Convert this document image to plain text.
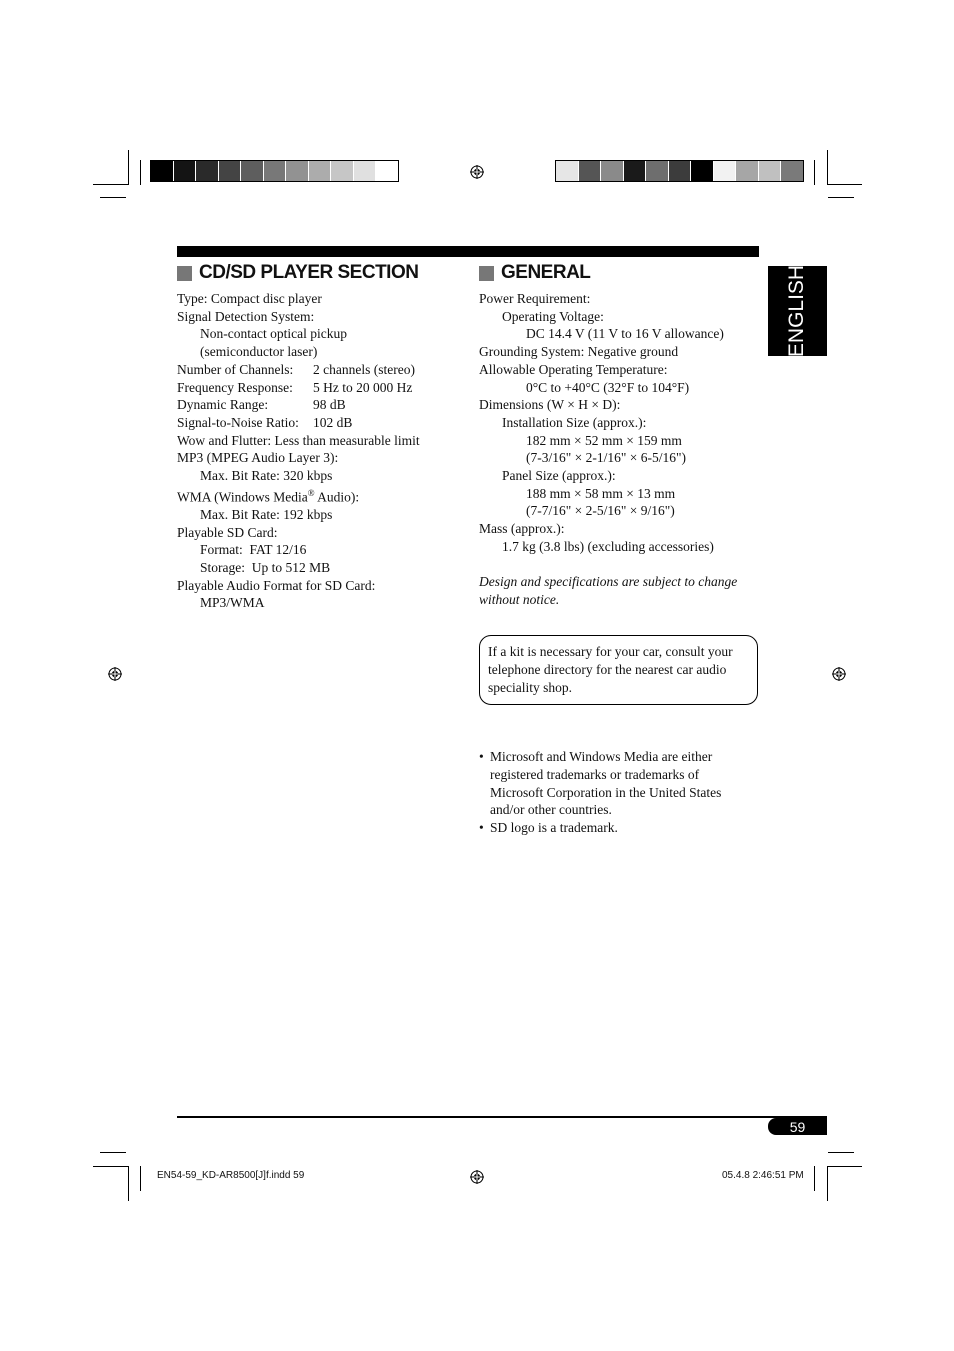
ENGLISH
CD/SD PLAYER SECTION
Type: Compact disc player
Signal Detection System:
Non-contact optical pickup
(semiconductor laser)
Number of Channels: 2 channels (stereo)
Frequency Response: 5 Hz to 20 000 Hz
Dynamic Range:	98 dB
Signal-to-Noise Ratio: 102 dB
Wow and Flutter: Less than measurable limit
MP3 (MPEG Audio Layer 3):
Max. Bit Rate: 320 kbps
WMA (Windows Media® Audio):
Max. Bit Rate: 192 kbps
Playable SD Card:
Format: FAT 12/16
Storage: Up to 512 MB
Playable Audio Format for SD Card:
MP3/WMA
GENERAL
Power Requirement:
Operating Voltage:
DC 14.4 V (11 V to 16 V allowance)
Grounding System: Negative ground
Allowable Operating Temperature:
0°C to +40°C (32°F to 104°F)
Dimensions (W × H × D):
Installation Size (approx.):
182 mm × 52 mm × 159 mm
(7-3/16" × 2-1/16" × 6-5/16")
Panel Size (approx.):
188 mm × 58 mm × 13 mm
(7-7/16" × 2-5/16" × 9/16")
Mass (approx.):
1.7 kg (3.8 lbs) (excluding accessories)
Design and specifications are subject to change
without notice.
If a kit is necessary for your car, consult your
telephone directory for the nearest car audio
speciality shop.
• Microsoft and Windows Media are either
registered trademarks or trademarks of
Microsoft Corporation in the United States
and/or other countries.
• SD logo is a trademark.
59
EN54-59_KD-AR8500[J]f.indd 59	05.4.8 2:46:51 PM
